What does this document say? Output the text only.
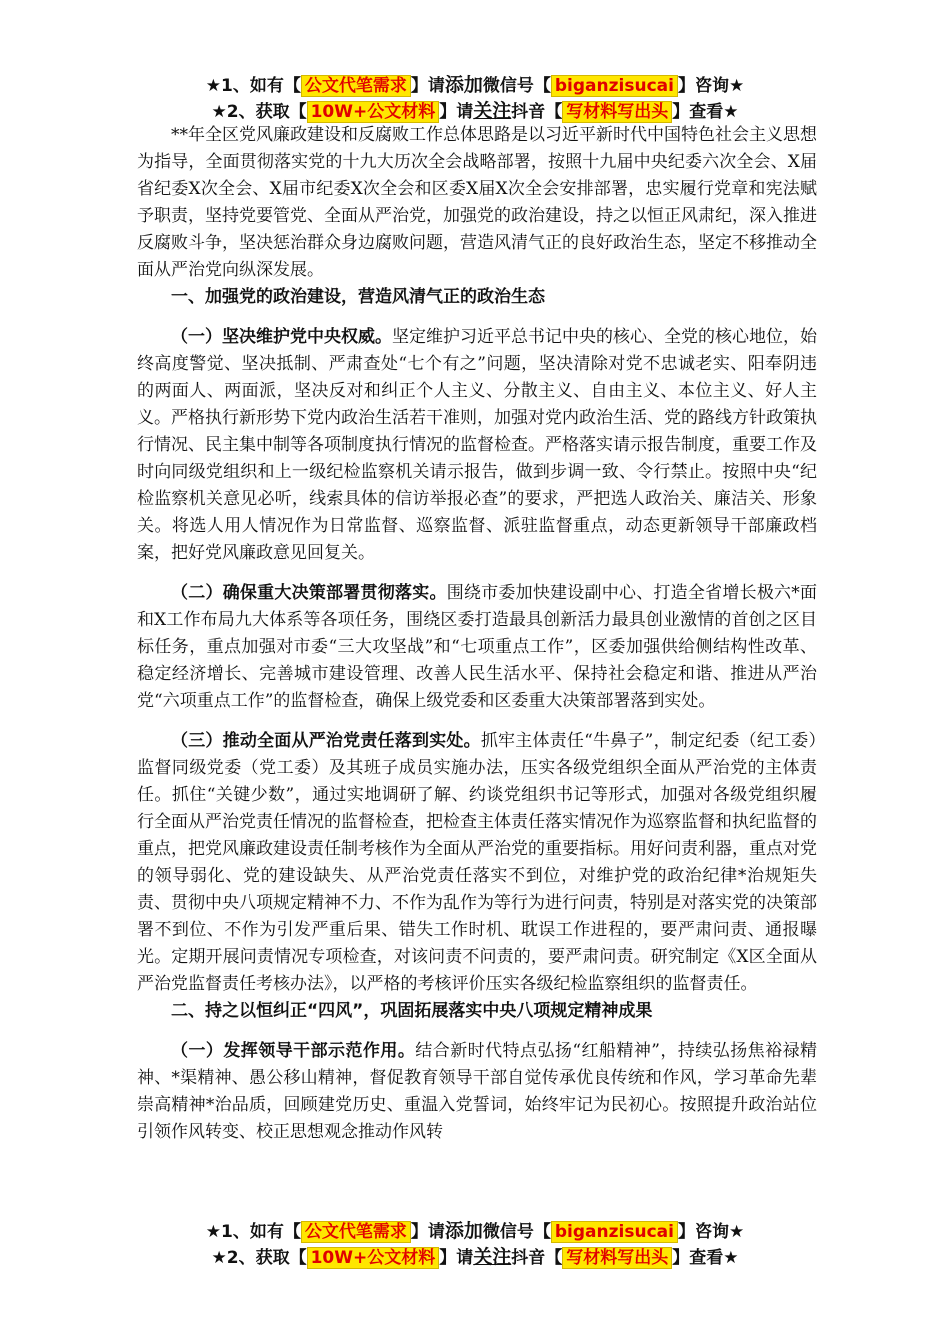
★1、如有【 公文代笔需求 】请添加微信号【 biganzisucai 】咨询★
★2、获取【 10W+公文材料 】请关注抖音【 写材料写出头 】查看★

**年全区党风廉政建设和反腐败工作总体思路是以习近平新时代中国特色社会主义思想为指导，全面贯彻落实党的十九大历次全会战略部署，按照十九届中央纪委六次全会、X届省纪委X次全会、X届市纪委X次全会和区委X届X次全会安排部署，忠实履行党章和宪法赋予职责，坚持党要管党、全面从严治党，加强党的政治建设，持之以恒正风肃纪，深入推进反腐败斗争，坚决惩治群众身边腐败问题，营造风清气正的良好政治生态，坚定不移推动全面从严治党向纵深发展。

一、加强党的政治建设，营造风清气正的政治生态

（一）坚决维护党中央权威。坚定维护习近平总书记中央的核心、全党的核心地位，始终高度警觉、坚决抵制、严肃查处“七个有之”问题，坚决清除对党不忠诚老实、阳奉阴违的两面人、两面派，坚决反对和纠正个人主义、分散主义、自由主义、本位主义、好人主义。严格执行新形势下党内政治生活若干准则，加强对党内政治生活、党的路线方针政策执行情况、民主集中制等各项制度执行情况的监督检查。严格落实请示报告制度，重要工作及时向同级党组织和上一级纪检监察机关请示报告，做到步调一致、令行禁止。按照中央“纪检监察机关意见必听，线索具体的信访举报必查”的要求，严把选人政治关、廉洁关、形象关。将选人用人情况作为日常监督、巡察监督、派驻监督重点，动态更新领导干部廉政档案，把好党风廉政意见回复关。

（二）确保重大决策部署贯彻落实。围绕市委加快建设副中心、打造全省增长极六*面和X工作布局九大体系等各项任务，围绕区委打造最具创新活力最具创业激情的首创之区目标任务，重点加强对市委“三大攻坚战”和“七项重点工作”，区委加强供给侧结构性改革、稳定经济增长、完善城市建设管理、改善人民生活水平、保持社会稳定和谐、推进从严治党“六项重点工作”的监督检查，确保上级党委和区委重大决策部署落到实处。

（三）推动全面从严治党责任落到实处。抓牢主体责任“牛鼻子”，制定纪委（纪工委）监督同级党委（党工委）及其班子成员实施办法，压实各级党组织全面从严治党的主体责任。抓住“关键少数”，通过实地调研了解、约谈党组织书记等形式，加强对各级党组织履行全面从严治党责任情况的监督检查，把检查主体责任落实情况作为巡察监督和执纪监督的重点，把党风廉政建设责任制考核作为全面从严治党的重要指标。用好问责利器，重点对党的领导弱化、党的建设缺失、从严治党责任落实不到位，对维护党的政治纪律*治规矩失责、贯彻中央八项规定精神不力、不作为乱作为等行为进行问责，特别是对落实党的决策部署不到位、不作为引发严重后果、错失工作时机、耽误工作进程的，要严肃问责、通报曝光。定期开展问责情况专项检查，对该问责不问责的，要严肃问责。研究制定《X区全面从严治党监督责任考核办法》，以严格的考核评价压实各级纪检监察组织的监督责任。

二、持之以恒纠正“四风”，巩固拓展落实中央八项规定精神成果

（一）发挥领导干部示范作用。结合新时代特点弘扬“红船精神”，持续弘扬焦裕禄精神、*渠精神、愚公移山精神，督促教育领导干部自觉传承优良传统和作风，学习革命先辈崇高精神*治品质，回顾建党历史、重温入党誓词，始终牢记为民初心。按照提升政治站位引领作风转变、校正思想观念推动作风转

★1、如有【 公文代笔需求 】请添加微信号【 biganzisucai 】咨询★
★2、获取【 10W+公文材料 】请关注抖音【 写材料写出头 】查看★
